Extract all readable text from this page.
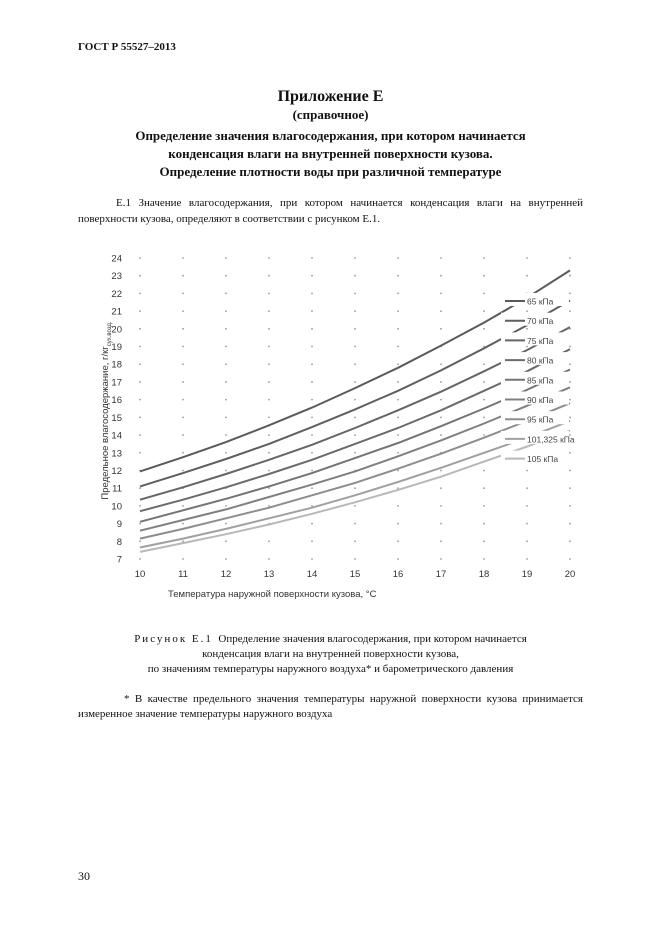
ГОСТ Р 55527–2013
Приложение Е
(справочное)
Определение значения влагосодержания, при котором начинается
конденсация влаги на внутренней поверхности кузова.
Определение плотности воды при различной температуре
Е.1 Значение влагосодержания, при котором начинается конденсация влаги на внутренней поверхности кузова, определяют в соответствии с рисунком Е.1.
7
8
9
10
11
12
13
14
15
16
17
18
19
20
21
22
23
24
10	11	12	13	14	15	16	17	18	19	20
Температура наружной поверхности кузова, °С
Предельное влагосодержание, $г/кг_{сух.возд.}$
65 кПа
70 кПа
75 кПа
80 кПа
85 кПа
90 кПа
95 кПа
101,325 кПа
105 кПа
Рисунок Е.1 Определение значения влагосодержания, при котором начинается
конденсация влаги на внутренней поверхности кузова,
по значениям температуры наружного воздуха* и барометрического давления
* В качестве предельного значения температуры наружной поверхности кузова принимается измеренное значение температуры наружного воздуха
30
